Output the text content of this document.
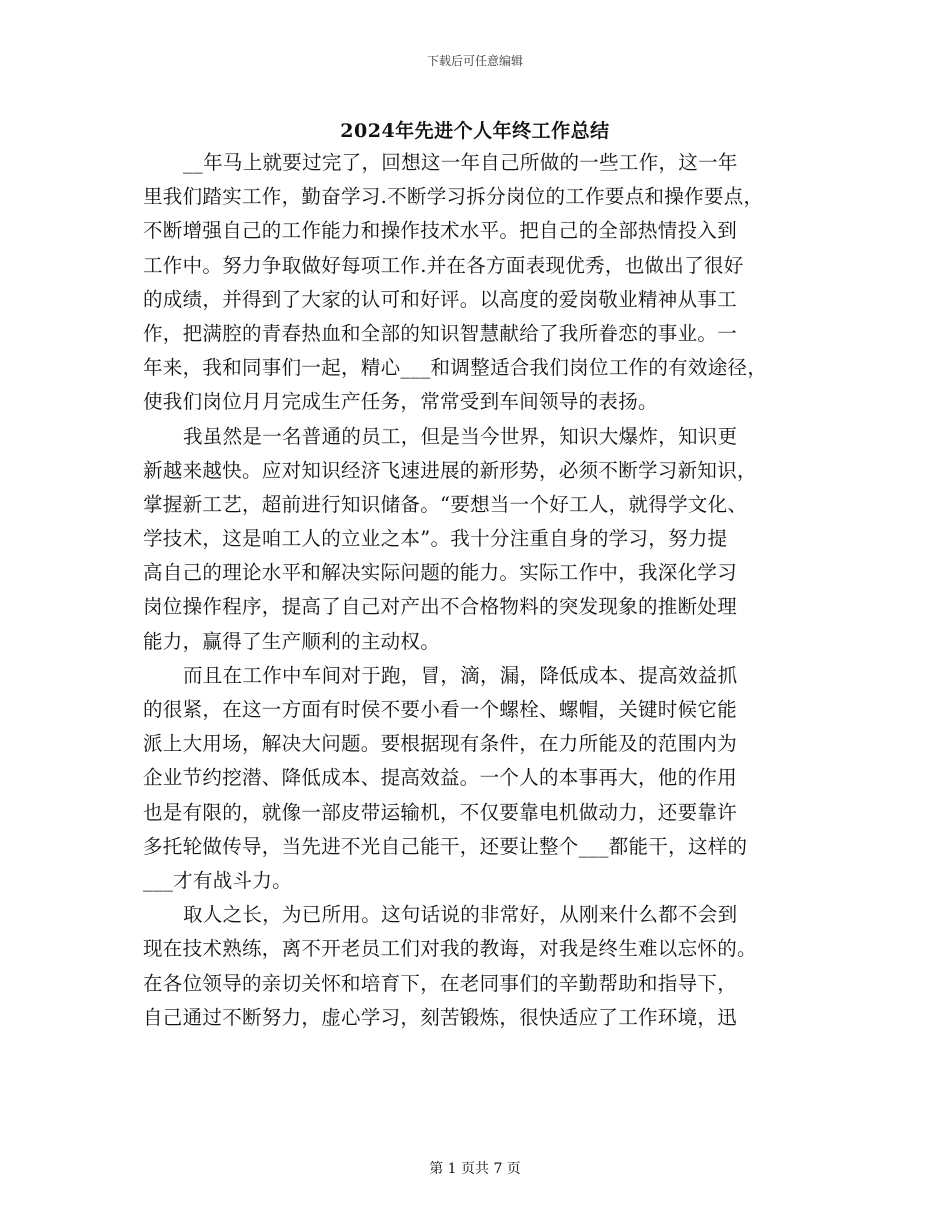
下载后可任意编辑
2024年先进个人年终工作总结
__年马上就要过完了，回想这一年自己所做的一些工作，这一年
里我们踏实工作，勤奋学习.不断学习拆分岗位的工作要点和操作要点，
不断增强自己的工作能力和操作技术水平。把自己的全部热情投入到
工作中。努力争取做好每项工作.并在各方面表现优秀，也做出了很好
的成绩，并得到了大家的认可和好评。以高度的爱岗敬业精神从事工
作，把满腔的青春热血和全部的知识智慧献给了我所眷恋的事业。一
年来，我和同事们一起，精心___和调整适合我们岗位工作的有效途径，
使我们岗位月月完成生产任务，常常受到车间领导的表扬。
我虽然是一名普通的员工，但是当今世界，知识大爆炸，知识更
新越来越快。应对知识经济飞速进展的新形势，必须不断学习新知识，
掌握新工艺，超前进行知识储备。“要想当一个好工人，就得学文化、
学技术，这是咱工人的立业之本”。我十分注重自身的学习，努力提
高自己的理论水平和解决实际问题的能力。实际工作中，我深化学习
岗位操作程序，提高了自己对产出不合格物料的突发现象的推断处理
能力，赢得了生产顺利的主动权。
而且在工作中车间对于跑，冒，滴，漏，降低成本、提高效益抓
的很紧，在这一方面有时侯不要小看一个螺栓、螺帽，关键时候它能
派上大用场，解决大问题。要根据现有条件，在力所能及的范围内为
企业节约挖潜、降低成本、提高效益。一个人的本事再大，他的作用
也是有限的，就像一部皮带运输机，不仅要靠电机做动力，还要靠许
多托轮做传导，当先进不光自己能干，还要让整个___都能干，这样的
___才有战斗力。
取人之长，为已所用。这句话说的非常好，从刚来什么都不会到
现在技术熟练，离不开老员工们对我的教诲，对我是终生难以忘怀的。
在各位领导的亲切关怀和培育下，在老同事们的辛勤帮助和指导下，
自己通过不断努力，虚心学习，刻苦锻炼，很快适应了工作环境，迅
第 1 页共 7 页
